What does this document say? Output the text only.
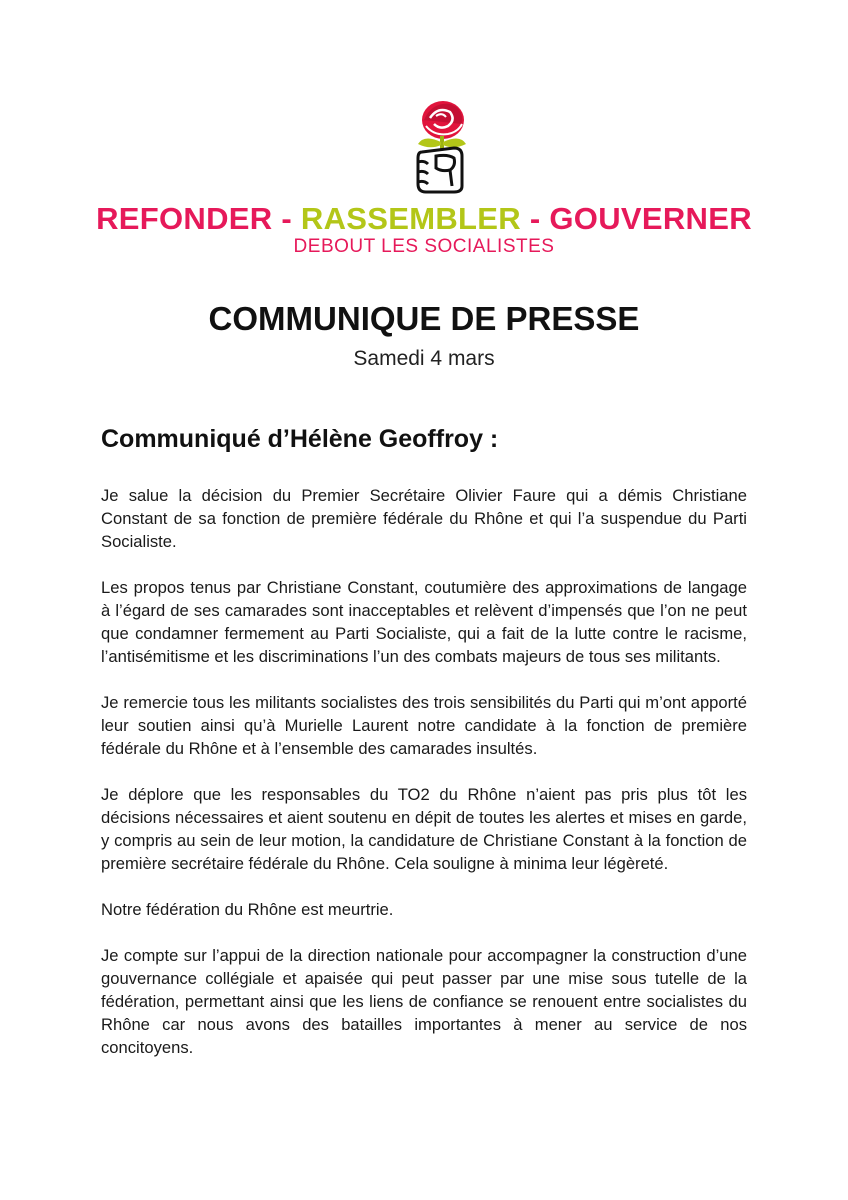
REFONDER - RASSEMBLER - GOUVERNER
DEBOUT LES SOCIALISTES
COMMUNIQUE DE PRESSE
Samedi 4 mars
Communiqué d’Hélène Geoffroy :

Je salue la décision du Premier Secrétaire Olivier Faure qui a démis Christiane Constant de sa fonction de première fédérale du Rhône et qui l’a suspendue du Parti Socialiste.

Les propos tenus par Christiane Constant, coutumière des approximations de langage à l’égard de ses camarades sont inacceptables et relèvent d’impensés que l’on ne peut que condamner fermement au Parti Socialiste, qui a fait de la lutte contre le racisme, l’antisémitisme et les discriminations l’un des combats majeurs de tous ses militants.

Je remercie tous les militants socialistes des trois sensibilités du Parti qui m’ont apporté leur soutien ainsi qu’à Murielle Laurent notre candidate à la fonction de première fédérale du Rhône et à l’ensemble des camarades insultés.

Je déplore que les responsables du TO2 du Rhône n’aient pas pris plus tôt les décisions nécessaires et aient soutenu en dépit de toutes les alertes et mises en garde, y compris au sein de leur motion, la candidature de Christiane Constant à la fonction de première secrétaire fédérale du Rhône. Cela souligne à minima leur légèreté.

Notre fédération du Rhône est meurtrie.

Je compte sur l’appui de la direction nationale pour accompagner la construction d’une gouvernance collégiale et apaisée qui peut passer par une mise sous tutelle de la fédération, permettant ainsi que les liens de confiance se renouent entre socialistes du Rhône car nous avons des batailles importantes à mener au service de nos concitoyens.
